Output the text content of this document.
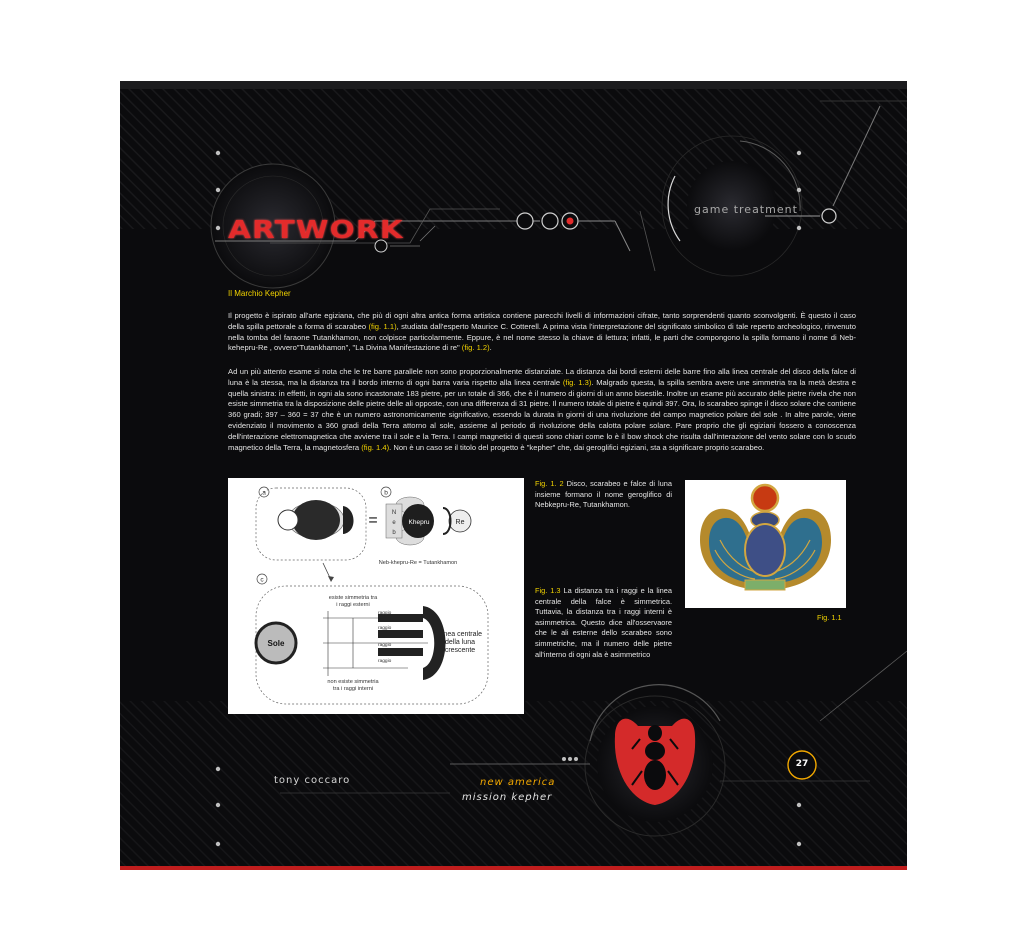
ARTWORK
game treatment
Il Marchio Kepher

Il progetto è ispirato all'arte egiziana, che più di ogni altra antica forma artistica contiene parecchi livelli di informazioni cifrate, tanto sorprendenti quanto sconvolgenti. È questo il caso della spilla pettorale a forma di scarabeo (fig. 1.1), studiata dall'esperto Maurice C. Cotterell. A prima vista l'interpretazione del significato simbolico di tale reperto archeologico, rinvenuto nella tomba del faraone Tutankhamon, non colpisce particolarmente. Eppure, è nel nome stesso la chiave di lettura; infatti, le parti che compongono la spilla formano il nome di Neb-kehepru-Re , ovvero"Tutankhamon", "La Divina Manifestazione di re" (fig. 1.2).

Ad un più attento esame si nota che le tre barre parallele non sono proporzionalmente distanziate. La distanza dai bordi esterni delle barre fino alla linea centrale del disco della falce di luna è la stessa, ma la distanza tra il bordo interno di ogni barra varia rispetto alla linea centrale (fig. 1.3). Malgrado questa, la spilla sembra avere une simmetria tra la metà destra e quella sinistra: in effetti, in ogni ala sono incastonate 183 pietre, per un totale di 366, che è il numero di giorni di un anno bisestile. Inoltre un esame più accurato delle pietre rivela che non esiste simmetria tra la disposizione delle pietre delle ali opposte, con una differenza di 31 pietre. Il numero totale di pietre è quindi 397. Ora, lo scarabeo spinge il disco solare che contiene 360 gradi; 397 – 360 = 37 che è un numero astronomicamente significativo, essendo la durata in giorni di una rivoluzione del campo magnetico polare del sole . In altre parole, viene evidenziato il movimento a 360 gradi della Terra attorno al sole, assieme al periodo di rivoluzione della calotta polare solare. Pare proprio che gli egiziani fossero a conoscenza dell'interazione elettromagnetica che avviene tra il sole e la Terra. I campi magnetici di questi sono chiari come lo è il bow shock che risulta dall'interazione del vento solare con lo scudo magnetico della Terra, la magnetosfera (fig. 1.4). Non è un caso se il titolo del progetto è "kepher" che, dai geroglifici egiziani, sta a significare proprio scarabeo.

a
=
b
N
e
b
Khepru	Re
Neb-khepru-Re = Tutankhamon
c
Sole
esiste simmetria tra
i raggi esterni
raggio
raggio
raggio
raggio
Linea centrale
della luna
crescente
non esiste simmetria
tra i raggi interni

Fig. 1. 2 Disco, scarabeo e falce di luna insieme formano il nome geroglifico di Nebkepru-Re, Tutankhamon.

Fig. 1.3 La distanza tra i raggi e la linea centrale della falce è simmetrica. Tuttavia, la distanza tra i raggi interni è asimmetrica. Questo dice all'osservaore che le ali esterne dello scarabeo sono simmetriche, ma il numero delle pietre all'interno di ogni ala è asimmetrico

Fig. 1.1
tony coccaro	new america
mission kepher
27
